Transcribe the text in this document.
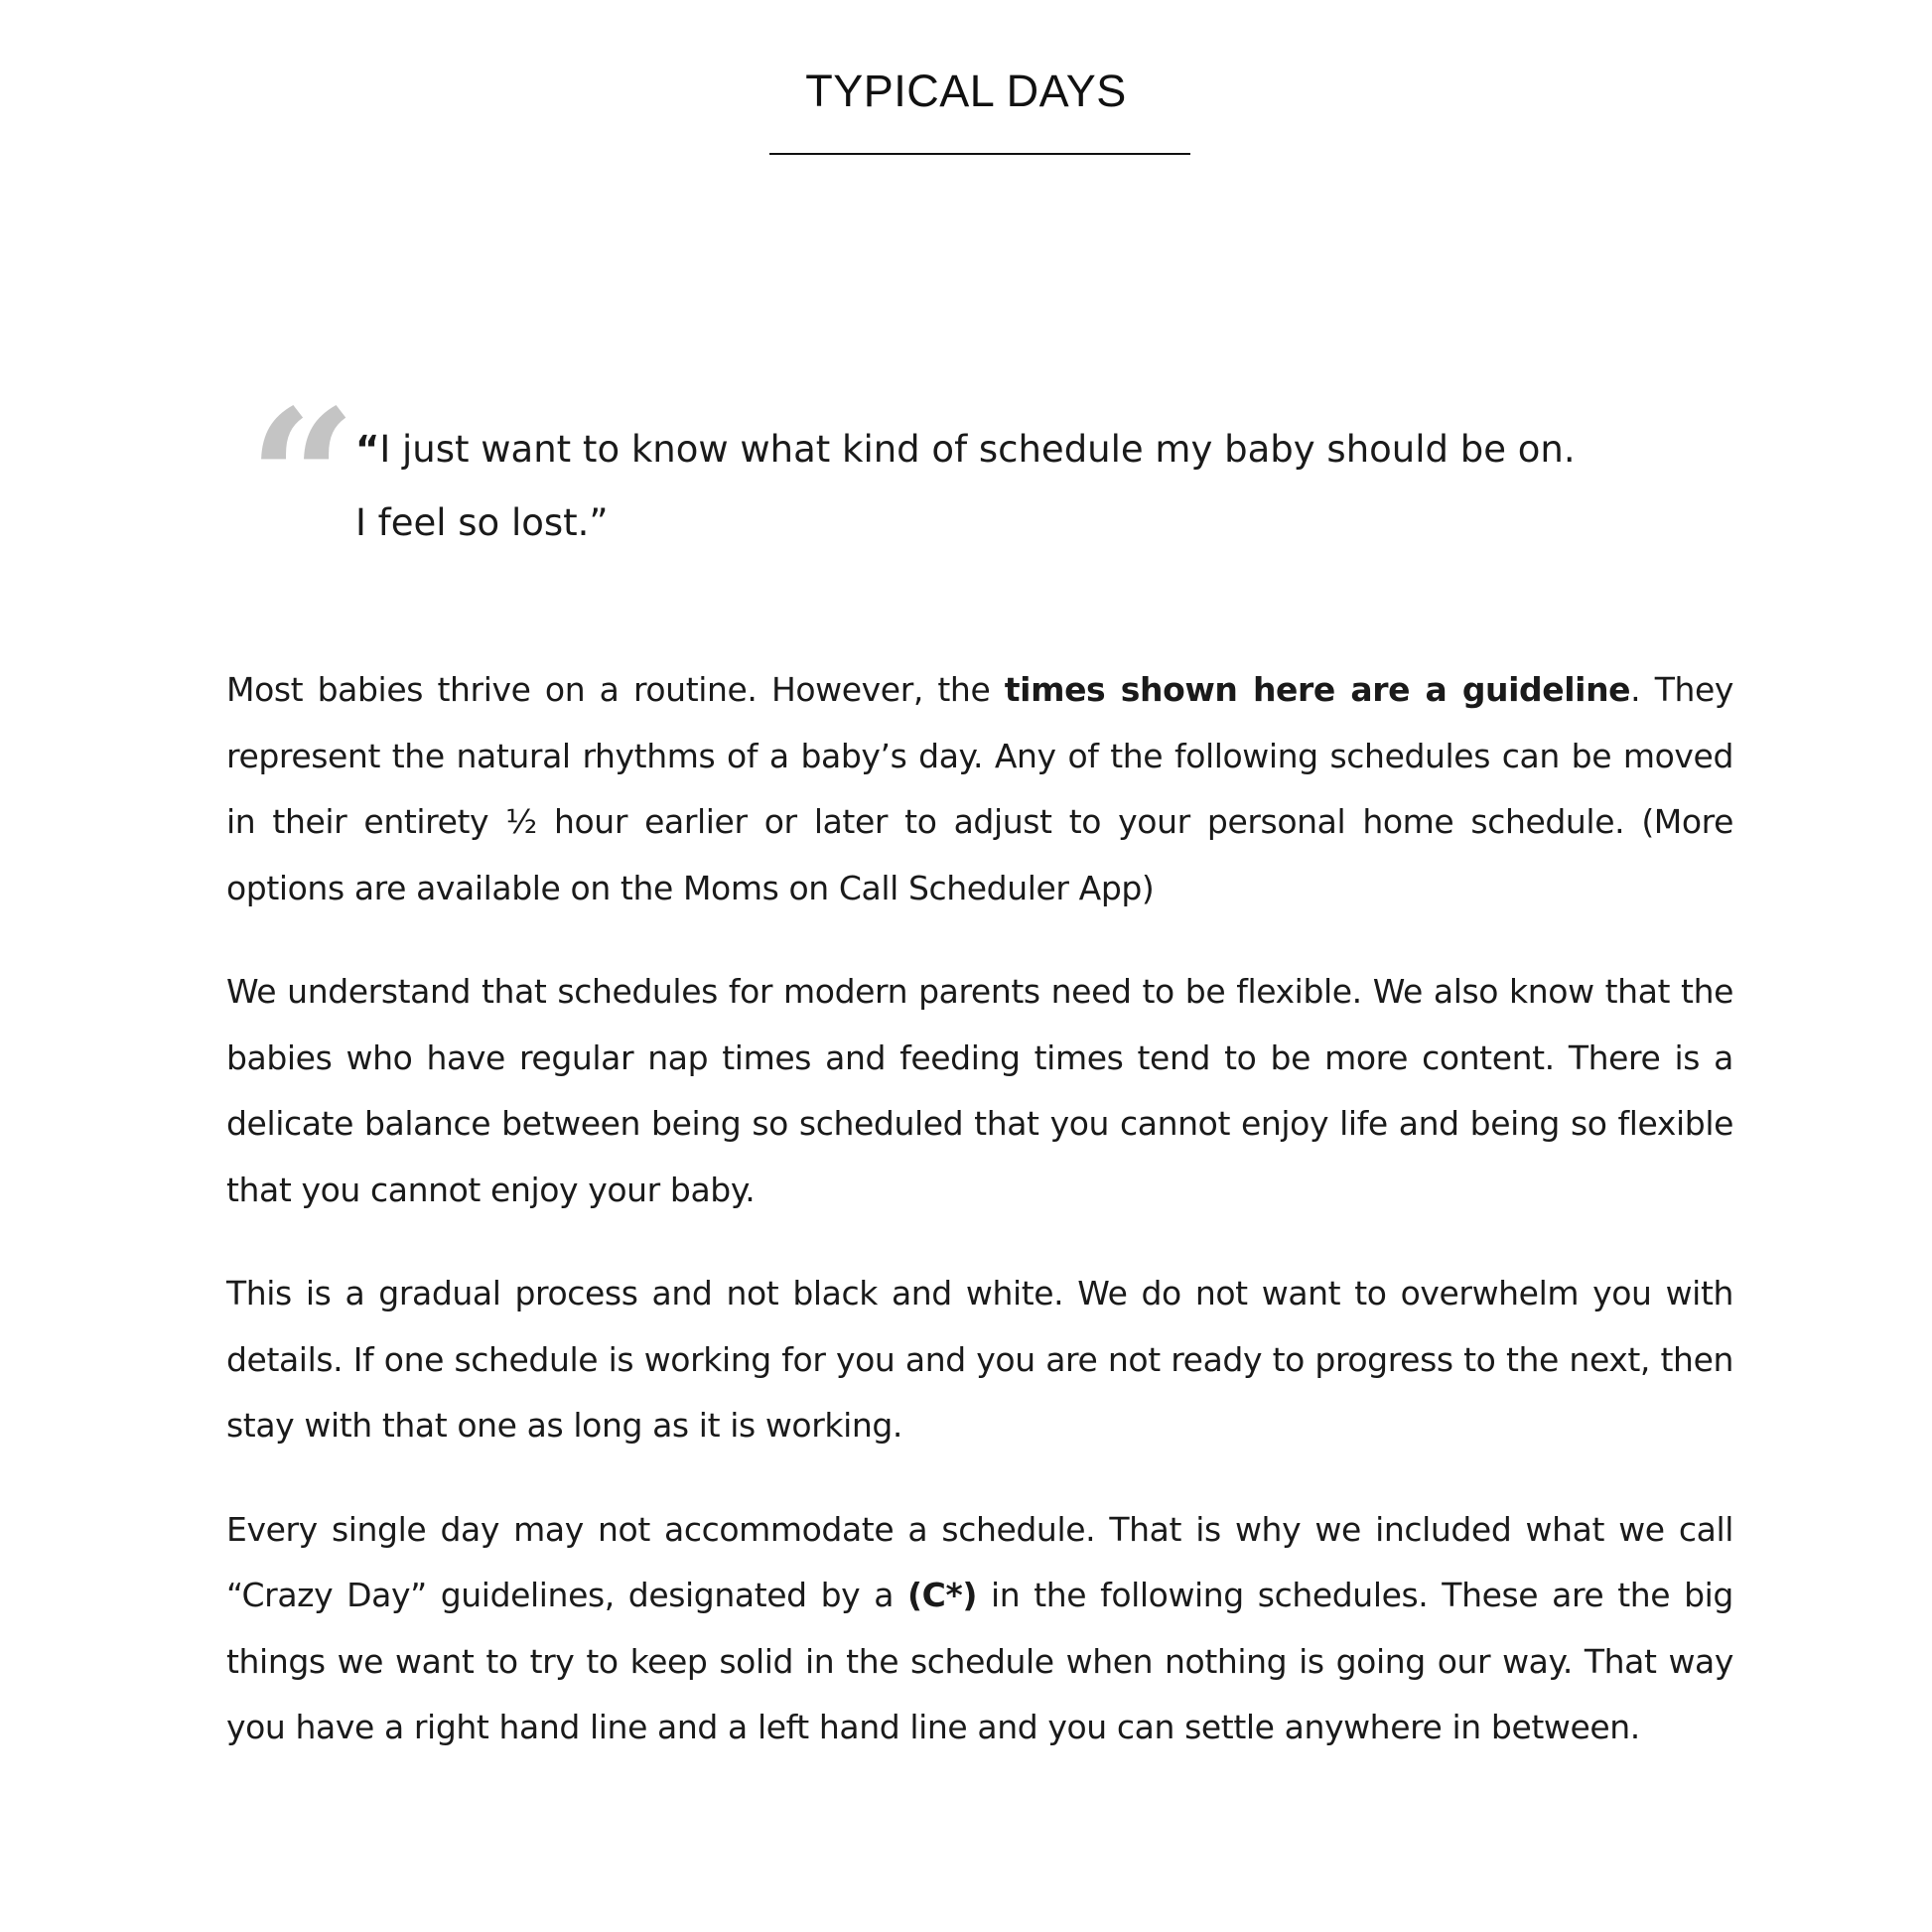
TYPICAL DAYS
“

“I just want to know what kind of schedule my baby should be on.
I feel so lost.”

Most babies thrive on a routine. However, the times shown here are a guideline. They represent the natural rhythms of a baby’s day. Any of the following schedules can be moved in their entirety ½ hour earlier or later to adjust to your personal home schedule. (More options are available on the Moms on Call Scheduler App)

We understand that schedules for modern parents need to be flexible. We also know that the babies who have regular nap times and feeding times tend to be more content. There is a delicate balance between being so scheduled that you cannot enjoy life and being so flexible that you cannot enjoy your baby.

This is a gradual process and not black and white. We do not want to overwhelm you with details. If one schedule is working for you and you are not ready to progress to the next, then stay with that one as long as it is working.

Every single day may not accommodate a schedule. That is why we included what we call “Crazy Day” guidelines, designated by a (C*) in the following schedules. These are the big things we want to try to keep solid in the schedule when nothing is going our way. That way you have a right hand line and a left hand line and you can settle anywhere in between.
